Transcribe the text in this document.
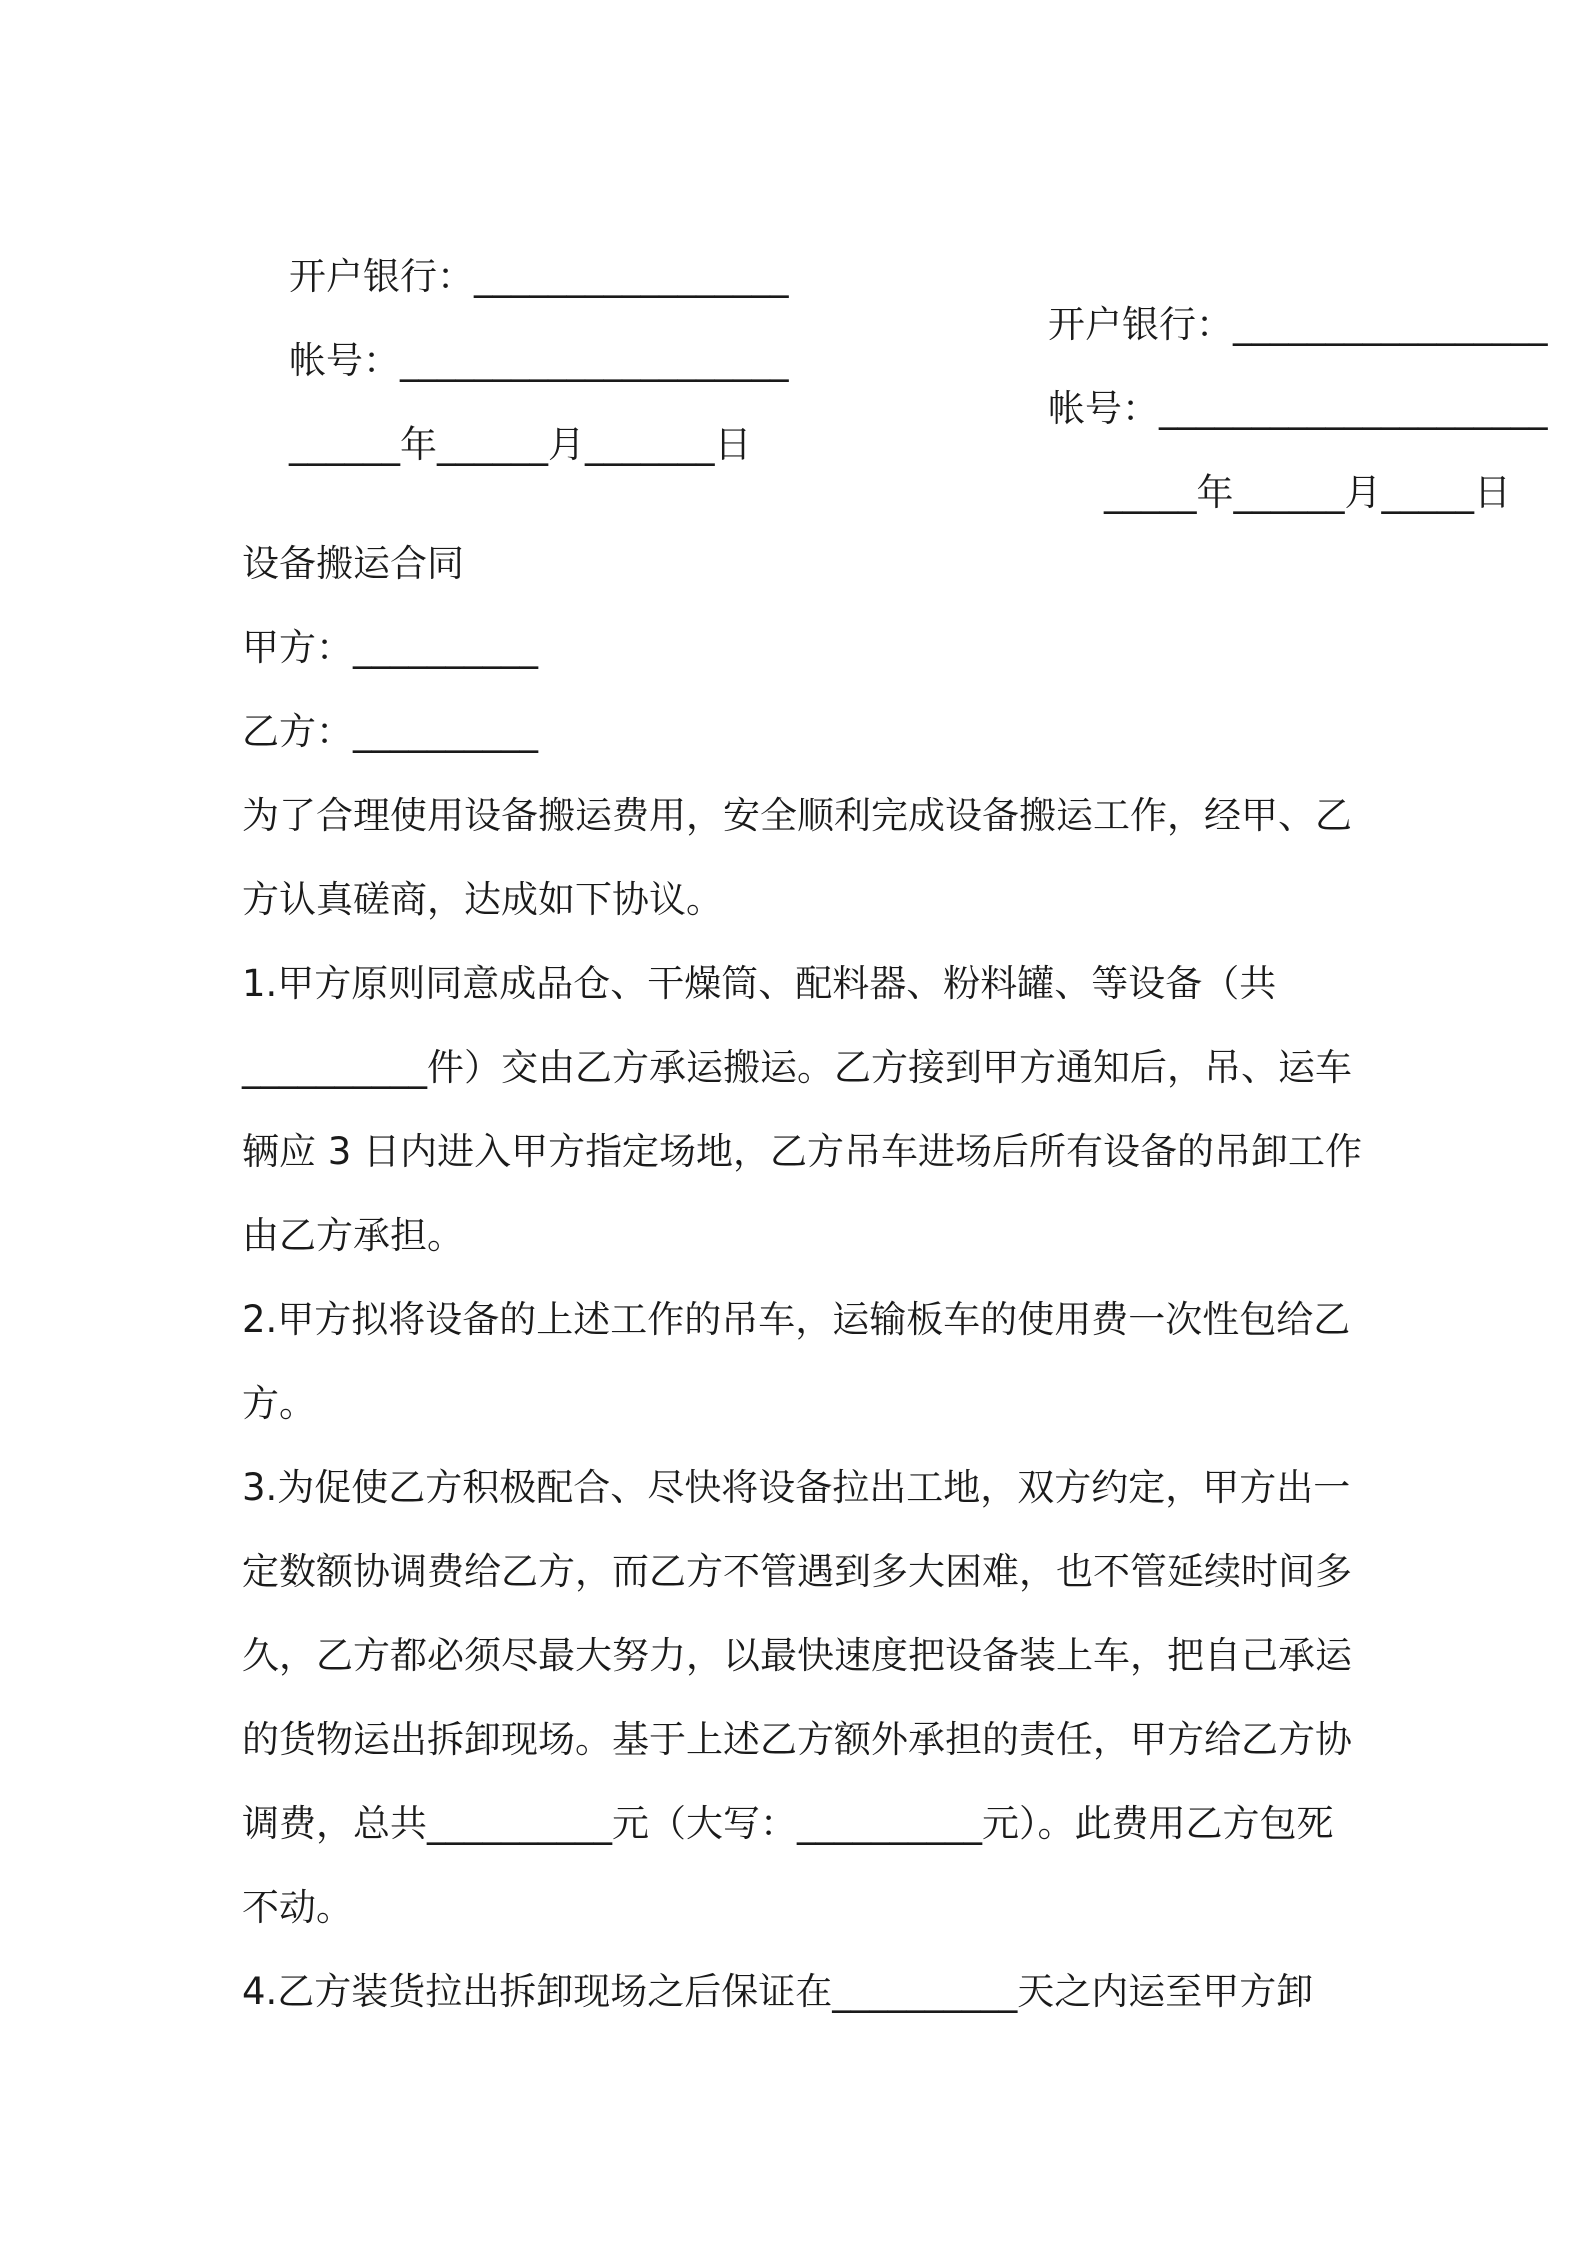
开户银行：_________________

开户银行：_________________

帐号：_____________________

帐号：_____________________

______年______月_______日

_____年______月_____日

设备搬运合同
甲方：__________
乙方：__________
为了合理使用设备搬运费用，安全顺利完成设备搬运工作，经甲、乙
方认真磋商，达成如下协议。
1.甲方原则同意成品仓、干燥筒、配料器、粉料罐、等设备（共
__________件）交由乙方承运搬运。乙方接到甲方通知后，吊、运车
辆应 3 日内进入甲方指定场地，乙方吊车进场后所有设备的吊卸工作
由乙方承担。
2.甲方拟将设备的上述工作的吊车，运输板车的使用费一次性包给乙
方。
3.为促使乙方积极配合、尽快将设备拉出工地，双方约定，甲方出一
定数额协调费给乙方，而乙方不管遇到多大困难，也不管延续时间多
久，乙方都必须尽最大努力，以最快速度把设备装上车，把自己承运
的货物运出拆卸现场。基于上述乙方额外承担的责任，甲方给乙方协
调费，总共__________元（大写：__________元）。此费用乙方包死
不动。
4.乙方装货拉出拆卸现场之后保证在__________天之内运至甲方卸
